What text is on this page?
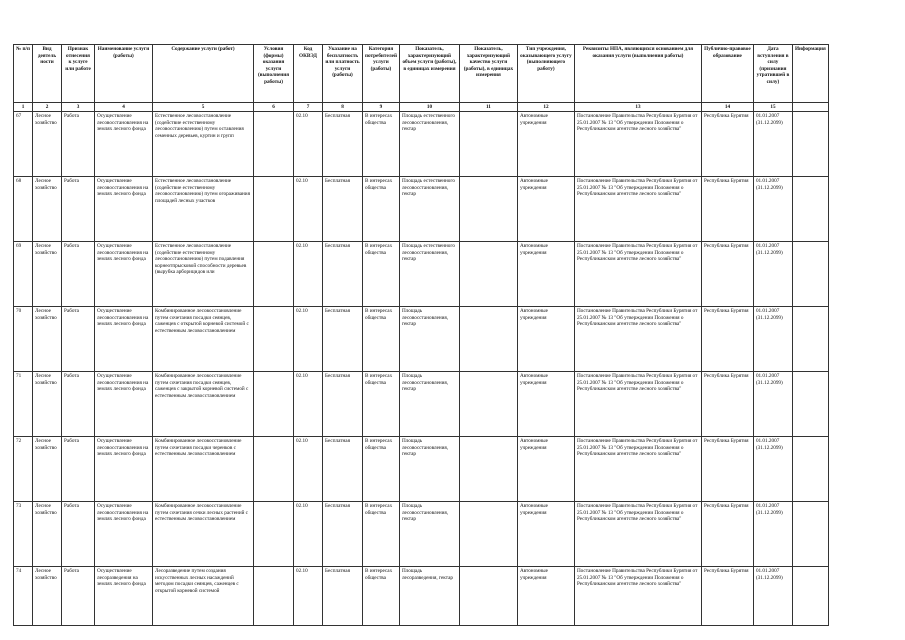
№ п/п	Вид деятель ности	Признак отнесения к услуге или работе	Наименование услуги (работы)	Содержание услуги (работ)	Условия (формы) оказания услуги (выполнения работы)	Код ОКВЭД	Указание на бесплатность или платность услуги (работы)	Категория потребителей услуги (работы)	Показатель, характеризующий объем услуги (работы), в единицах измерения	Показатель, характеризующий качество услуги (работы), в единицах измерения	Тип учреждения, оказывающего услугу (выполняющего работу)	Реквизиты НПА, являющихся основанием для оказания услуги (выполнения работы)	Публично-правовое образование	Дата вступления в силу (признания утратившей в силу)	Информация
1	2	3	4	5	6	7	8	9	10	11	12	13	14	15	
67	Лесное хозяйство	Работа	Осуществление лесовосстановления на землях лесного фонда	Естественное лесовосстановление (содействие естественному лесовосстановлению) путем оставления семенных деревьев, куртин и групп		02.10	Бесплатная	В интересах общества	Площадь естественного лесовосстановления, гектар		Автономные учреждения	Постановление Правительства Республики Бурятия от 25.01.2007 № 13 "Об утверждении Положения о Республиканском агентстве лесного хозяйства"	Республика Бурятия	01.01.2007 (31.12.2099)	
68	Лесное хозяйство	Работа	Осуществление лесовосстановления на землях лесного фонда	Естественное лесовосстановление (содействие естественному лесовосстановлению) путем огораживания площадей лесных участков		02.10	Бесплатная	В интересах общества	Площадь естественного лесовосстановления, гектар		Автономные учреждения	Постановление Правительства Республики Бурятия от 25.01.2007 № 13 "Об утверждении Положения о Республиканском агентстве лесного хозяйства"	Республика Бурятия	01.01.2007 (31.12.2099)	
69	Лесное хозяйство	Работа	Осуществление лесовосстановления на землях лесного фонда	Естественное лесовосстановление (содействие естественному лесовосстановлению) путем подавления корнеотпрысковой способности деревьев (вырубка арборицидов или		02.10	Бесплатная	В интересах общества	Площадь естественного лесовосстановления, гектар		Автономные учреждения	Постановление Правительства Республики Бурятия от 25.01.2007 № 13 "Об утверждении Положения о Республиканском агентстве лесного хозяйства"	Республика Бурятия	01.01.2007 (31.12.2099)	
70	Лесное хозяйство	Работа	Осуществление лесовосстановления на землях лесного фонда	Комбинированное лесовосстановление путем сочетания посадки сеянцев, саженцев с открытой корневой системой с естественным лесовосстановлением		02.10	Бесплатная	В интересах общества	Площадь лесовосстановления, гектар		Автономные учреждения	Постановление Правительства Республики Бурятия от 25.01.2007 № 13 "Об утверждении Положения о Республиканском агентстве лесного хозяйства"	Республика Бурятия	01.01.2007 (31.12.2099)	
71	Лесное хозяйство	Работа	Осуществление лесовосстановления на землях лесного фонда	Комбинированное лесовосстановление путем сочетания посадки сеянцев, саженцев с закрытой корневой системой с естественным лесовосстановлением		02.10	Бесплатная	В интересах общества	Площадь лесовосстановления, гектар		Автономные учреждения	Постановление Правительства Республики Бурятия от 25.01.2007 № 13 "Об утверждении Положения о Республиканском агентстве лесного хозяйства"	Республика Бурятия	01.01.2007 (31.12.2099)	
72	Лесное хозяйство	Работа	Осуществление лесовосстановления на землях лесного фонда	Комбинированное лесовосстановление путем сочетания посадки черенков с естественным лесовосстановлением		02.10	Бесплатная	В интересах общества	Площадь лесовосстановления, гектар		Автономные учреждения	Постановление Правительства Республики Бурятия от 25.01.2007 № 13 "Об утверждении Положения о Республиканском агентстве лесного хозяйства"	Республика Бурятия	01.01.2007 (31.12.2099)	
73	Лесное хозяйство	Работа	Осуществление лесовосстановления на землях лесного фонда	Комбинированное лесовосстановление путем сочетания сечки лесных растений с естественным лесовосстановлением		02.10	Бесплатная	В интересах общества	Площадь лесовосстановления, гектар		Автономные учреждения	Постановление Правительства Республики Бурятия от 25.01.2007 № 13 "Об утверждении Положения о Республиканском агентстве лесного хозяйства"	Республика Бурятия	01.01.2007 (31.12.2099)	
74	Лесное хозяйство	Работа	Осуществление лесоразведения на землях лесного фонда	Лесоразведение путем создания искусственных лесных насаждений методом посадки сеянцев, саженцев с открытой корневой системой		02.10	Бесплатная	В интересах общества	Площадь лесоразведения, гектар		Автономные учреждения	Постановление Правительства Республики Бурятия от 25.01.2007 № 13 "Об утверждении Положения о Республиканском агентстве лесного хозяйства"	Республика Бурятия	01.01.2007 (31.12.2099)	
